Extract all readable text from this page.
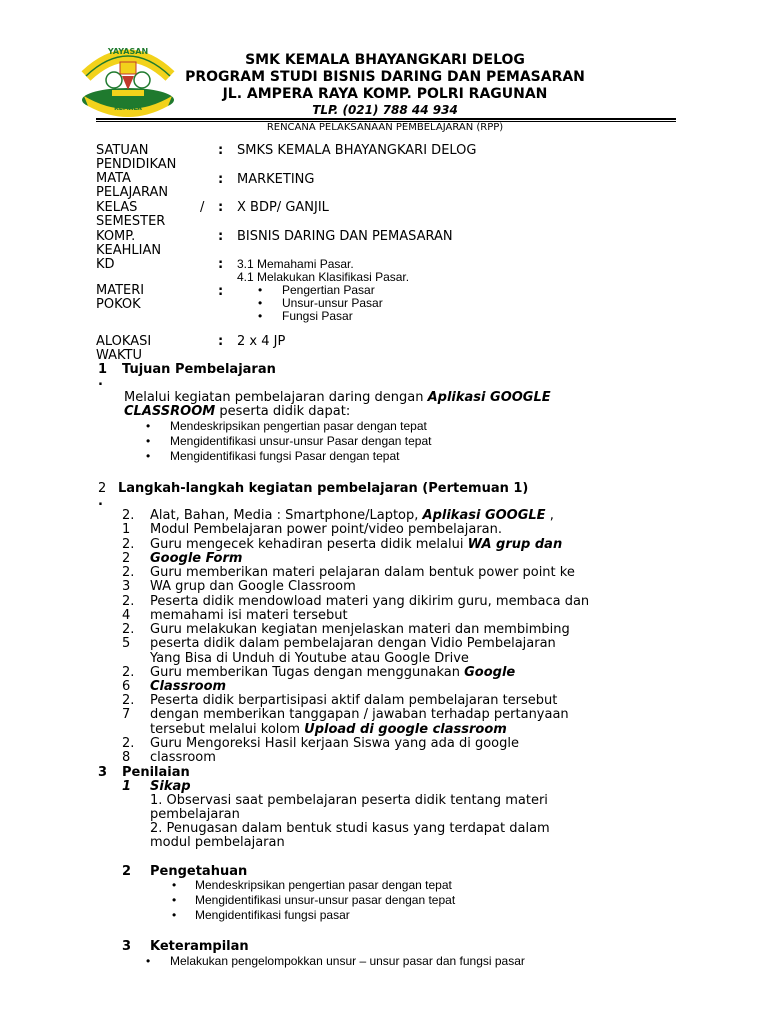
YAYASAN
KEMALA
SMK KEMALA BHAYANGKARI DELOG
PROGRAM STUDI BISNIS DARING DAN PEMASARAN
JL. AMPERA RAYA KOMP. POLRI RAGUNAN
TLP. (021) 788 44 934
RENCANA PELAKSANAAN PEMBELAJARAN (RPP)
SATUAN
PENDIDIKAN
: SMKS KEMALA BHAYANGKARI DELOG
MATA
PELAJARAN
: MARKETING
KELAS
SEMESTER
/ : X BDP/ GANJIL
KOMP.
KEAHLIAN
: BISNIS DARING DAN PEMASARAN
KD	: 3.1 Memahami Pasar.
4.1 Melakukan Klasifikasi Pasar.
MATERI
POKOK
:	• Pengertian Pasar
• Unsur-unsur Pasar
• Fungsi Pasar
ALOKASI
WAKTU
: 2 x 4 JP
1
.
Tujuan Pembelajaran
Melalui kegiatan pembelajaran daring dengan Aplikasi GOOGLE
CLASSROOM peserta didik dapat:
• Mendeskripsikan pengertian pasar dengan tepat
• Mengidentifikasi unsur-unsur Pasar dengan tepat
• Mengidentifikasi fungsi Pasar dengan tepat
2
.
Langkah-langkah kegiatan pembelajaran (Pertemuan 1)
2.
1
Alat, Bahan, Media : Smartphone/Laptop, Aplikasi GOOGLE ,
Modul Pembelajaran power point/video pembelajaran.
2.
2
Guru mengecek kehadiran peserta didik melalui WA grup dan
Google Form
2.
3
Guru memberikan materi pelajaran dalam bentuk power point ke
WA grup dan Google Classroom
2.
4
Peserta didik mendowload materi yang dikirim guru, membaca dan
memahami isi materi tersebut
2.
5
Guru melakukan kegiatan menjelaskan materi dan membimbing
peserta didik dalam pembelajaran dengan Vidio Pembelajaran
Yang Bisa di Unduh di Youtube atau Google Drive
2.
6
Guru memberikan Tugas dengan menggunakan Google
Classroom
2.
7
Peserta didik berpartisipasi aktif dalam pembelajaran tersebut
dengan memberikan tanggapan / jawaban terhadap pertanyaan
tersebut melalui kolom Upload di google classroom
2.
8
Guru Mengoreksi Hasil kerjaan Siswa yang ada di google
classroom
3 Penilaian
1 Sikap
1. Observasi saat pembelajaran peserta didik tentang materi
pembelajaran
2. Penugasan dalam bentuk studi kasus yang terdapat dalam
modul pembelajaran
2 Pengetahuan
• Mendeskripsikan pengertian pasar dengan tepat
• Mengidentifikasi unsur-unsur pasar dengan tepat
• Mengidentifikasi fungsi pasar
3 Keterampilan
• Melakukan pengelompokkan unsur – unsur pasar dan fungsi pasar
